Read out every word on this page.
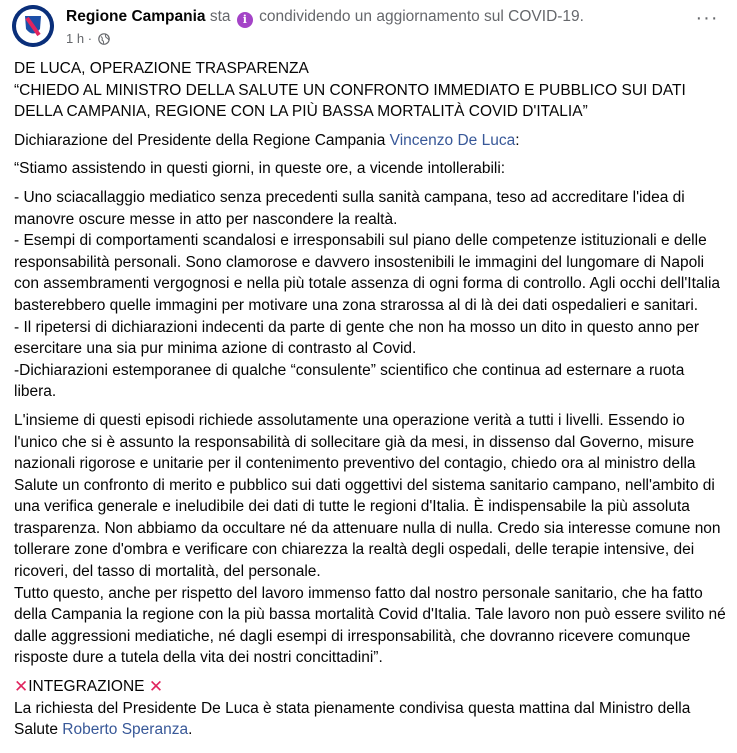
Regione Campania sta i condividendo un aggiornamento sul COVID-19.
1 h ·
···

DE LUCA, OPERAZIONE TRASPARENZA
“CHIEDO AL MINISTRO DELLA SALUTE UN CONFRONTO IMMEDIATO E PUBBLICO SUI DATI DELLA CAMPANIA, REGIONE CON LA PIÙ BASSA MORTALITÀ COVID D'ITALIA”

Dichiarazione del Presidente della Regione Campania Vincenzo De Luca:

“Stiamo assistendo in questi giorni, in queste ore, a vicende intollerabili:

- Uno sciacallaggio mediatico senza precedenti sulla sanità campana, teso ad accreditare l'idea di manovre oscure messe in atto per nascondere la realtà.
- Esempi di comportamenti scandalosi e irresponsabili sul piano delle competenze istituzionali e delle responsabilità personali. Sono clamorose e davvero insostenibili le immagini del lungomare di Napoli con assembramenti vergognosi e nella più totale assenza di ogni forma di controllo. Agli occhi dell'Italia basterebbero quelle immagini per motivare una zona strarossa al di là dei dati ospedalieri e sanitari.
- Il ripetersi di dichiarazioni indecenti da parte di gente che non ha mosso un dito in questo anno per esercitare una sia pur minima azione di contrasto al Covid.
-Dichiarazioni estemporanee di qualche “consulente” scientifico che continua ad esternare a ruota libera.

L'insieme di questi episodi richiede assolutamente una operazione verità a tutti i livelli. Essendo io l'unico che si è assunto la responsabilità di sollecitare già da mesi, in dissenso dal Governo, misure nazionali rigorose e unitarie per il contenimento preventivo del contagio, chiedo ora al ministro della Salute un confronto di merito e pubblico sui dati oggettivi del sistema sanitario campano, nell'ambito di una verifica generale e ineludibile dei dati di tutte le regioni d'Italia. È indispensabile la più assoluta trasparenza. Non abbiamo da occultare né da attenuare nulla di nulla. Credo sia interesse comune non tollerare zone d'ombra e verificare con chiarezza la realtà degli ospedali, delle terapie intensive, dei ricoveri, del tasso di mortalità, del personale.
Tutto questo, anche per rispetto del lavoro immenso fatto dal nostro personale sanitario, che ha fatto della Campania la regione con la più bassa mortalità Covid d'Italia. Tale lavoro non può essere svilito né dalle aggressioni mediatiche, né dagli esempi di irresponsabilità, che dovranno ricevere comunque risposte dure a tutela della vita dei nostri concittadini”.

✕INTEGRAZIONE ✕
La richiesta del Presidente De Luca è stata pienamente condivisa questa mattina dal Ministro della Salute Roberto Speranza.
